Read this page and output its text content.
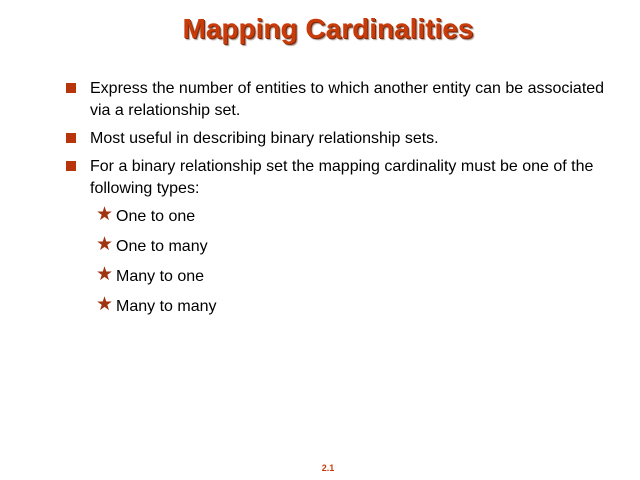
Mapping Cardinalities
Express the number of entities to which another entity can be associated via a relationship set.
Most useful in describing binary relationship sets.
For a binary relationship set the mapping cardinality must be one of the following types:
★ One to one
★ One to many
★ Many to one
★ Many to many
2.1
